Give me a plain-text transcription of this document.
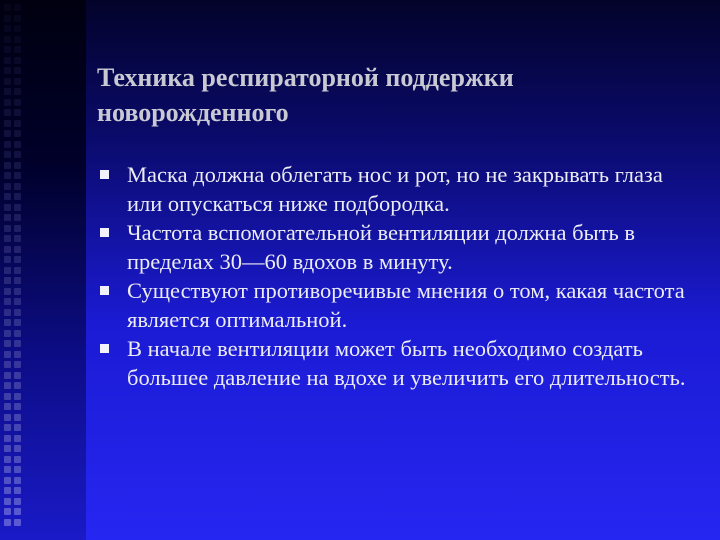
Техника респираторной поддержки новорожденного
Маска должна облегать нос и рот, но не закрывать глаза или опускаться ниже подбородка.
Частота вспомогательной вентиляции должна быть в пределах 30—60 вдохов в минуту.
Существуют противоречивые мнения о том, какая частота является оптимальной.
В начале вентиляции может быть необходимо создать большее давление на вдохе и увеличить его длительность.
